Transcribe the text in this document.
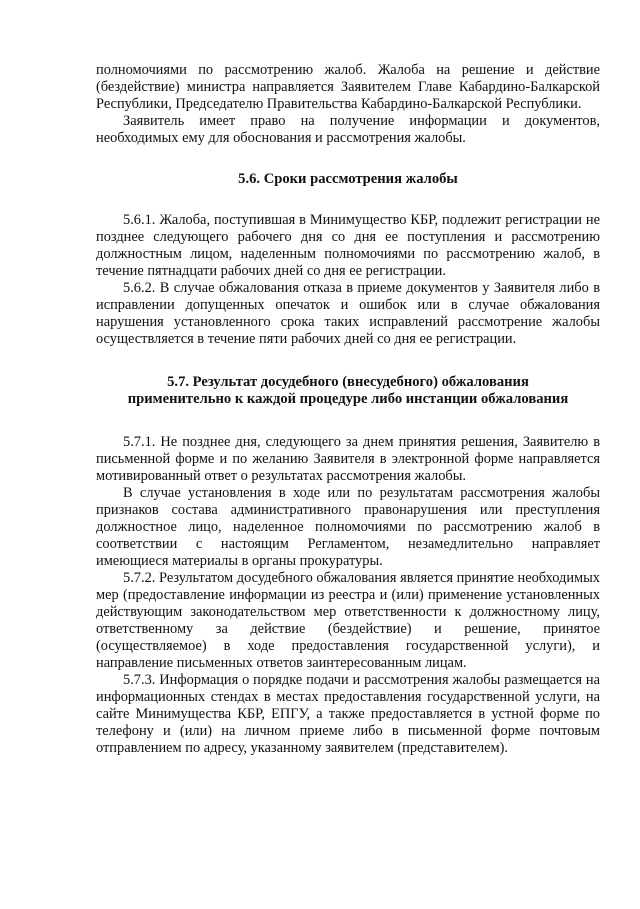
полномочиями по рассмотрению жалоб. Жалоба на решение и действие (бездействие) министра направляется Заявителем Главе Кабардино-Балкарской Республики, Председателю Правительства Кабардино-Балкарской Республики.

Заявитель имеет право на получение информации и документов, необходимых ему для обоснования и рассмотрения жалобы.

5.6. Сроки рассмотрения жалобы

5.6.1. Жалоба, поступившая в Минимущество КБР, подлежит регистрации не позднее следующего рабочего дня со дня ее поступления и рассмотрению должностным лицом, наделенным полномочиями по рассмотрению жалоб, в течение пятнадцати рабочих дней со дня ее регистрации.

5.6.2. В случае обжалования отказа в приеме документов у Заявителя либо в исправлении допущенных опечаток и ошибок или в случае обжалования нарушения установленного срока таких исправлений рассмотрение жалобы осуществляется в течение пяти рабочих дней со дня ее регистрации.

5.7. Результат досудебного (внесудебного) обжалования
применительно к каждой процедуре либо инстанции обжалования

5.7.1. Не позднее дня, следующего за днем принятия решения, Заявителю в письменной форме и по желанию Заявителя в электронной форме направляется мотивированный ответ о результатах рассмотрения жалобы.

В случае установления в ходе или по результатам рассмотрения жалобы признаков состава административного правонарушения или преступления должностное лицо, наделенное полномочиями по рассмотрению жалоб в соответствии с настоящим Регламентом, незамедлительно направляет имеющиеся материалы в органы прокуратуры.

5.7.2. Результатом досудебного обжалования является принятие необходимых мер (предоставление информации из реестра и (или) применение установленных действующим законодательством мер ответственности к должностному лицу, ответственному за действие (бездействие) и решение, принятое (осуществляемое) в ходе предоставления государственной услуги), и направление письменных ответов заинтересованным лицам.

5.7.3. Информация о порядке подачи и рассмотрения жалобы размещается на информационных стендах в местах предоставления государственной услуги, на сайте Минимущества КБР, ЕПГУ, а также предоставляется в устной форме по телефону и (или) на личном приеме либо в письменной форме почтовым отправлением по адресу, указанному заявителем (представителем).
